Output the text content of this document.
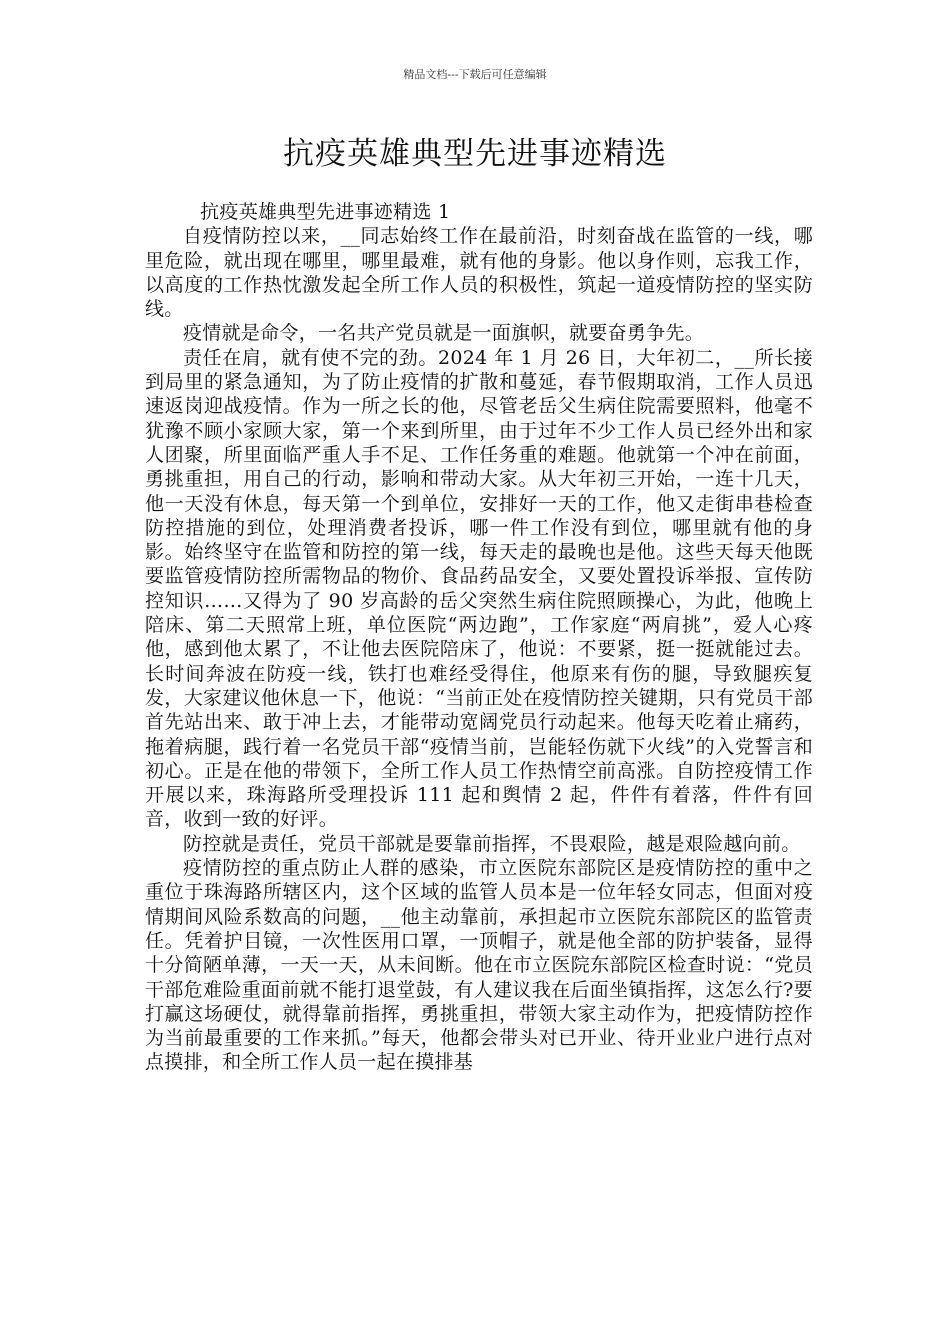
精品文档---下载后可任意编辑
抗疫英雄典型先进事迹精选

抗疫英雄典型先进事迹精选 1

自疫情防控以来，__同志始终工作在最前沿，时刻奋战在监管的一线，哪里危险，就出现在哪里，哪里最难，就有他的身影。他以身作则，忘我工作，以高度的工作热忱激发起全所工作人员的积极性，筑起一道疫情防控的坚实防线。

疫情就是命令，一名共产党员就是一面旗帜，就要奋勇争先。

责任在肩，就有使不完的劲。2024 年 1 月 26 日，大年初二，__所长接到局里的紧急通知，为了防止疫情的扩散和蔓延，春节假期取消，工作人员迅速返岗迎战疫情。作为一所之长的他，尽管老岳父生病住院需要照料，他毫不犹豫不顾小家顾大家，第一个来到所里，由于过年不少工作人员已经外出和家人团聚，所里面临严重人手不足、工作任务重的难题。他就第一个冲在前面，勇挑重担，用自己的行动，影响和带动大家。从大年初三开始，一连十几天，他一天没有休息，每天第一个到单位，安排好一天的工作，他又走街串巷检查防控措施的到位，处理消费者投诉，哪一件工作没有到位，哪里就有他的身影。始终坚守在监管和防控的第一线，每天走的最晚也是他。这些天每天他既要监管疫情防控所需物品的物价、食品药品安全，又要处置投诉举报、宣传防控知识……又得为了 90 岁高龄的岳父突然生病住院照顾操心，为此，他晚上陪床、第二天照常上班，单位医院“两边跑”，工作家庭“两肩挑”，爱人心疼他，感到他太累了，不让他去医院陪床了，他说：不要紧，挺一挺就能过去。长时间奔波在防疫一线，铁打也难经受得住，他原来有伤的腿，导致腿疾复发，大家建议他休息一下，他说：“当前正处在疫情防控关键期，只有党员干部首先站出来、敢于冲上去，才能带动宽阔党员行动起来。他每天吃着止痛药，拖着病腿，践行着一名党员干部“疫情当前，岂能轻伤就下火线”的入党誓言和初心。正是在他的带领下，全所工作人员工作热情空前高涨。自防控疫情工作开展以来，珠海路所受理投诉 111 起和舆情 2 起，件件有着落，件件有回音，收到一致的好评。

防控就是责任，党员干部就是要靠前指挥，不畏艰险，越是艰险越向前。

疫情防控的重点防止人群的感染，市立医院东部院区是疫情防控的重中之重位于珠海路所辖区内，这个区域的监管人员本是一位年轻女同志，但面对疫情期间风险系数高的问题，__他主动靠前，承担起市立医院东部院区的监管责任。凭着护目镜，一次性医用口罩，一顶帽子，就是他全部的防护装备，显得十分简陋单薄，一天一天，从未间断。他在市立医院东部院区检查时说：“党员干部危难险重面前就不能打退堂鼓，有人建议我在后面坐镇指挥，这怎么行?要打赢这场硬仗，就得靠前指挥，勇挑重担，带领大家主动作为，把疫情防控作为当前最重要的工作来抓。”每天，他都会带头对已开业、待开业业户进行点对点摸排，和全所工作人员一起在摸排基
